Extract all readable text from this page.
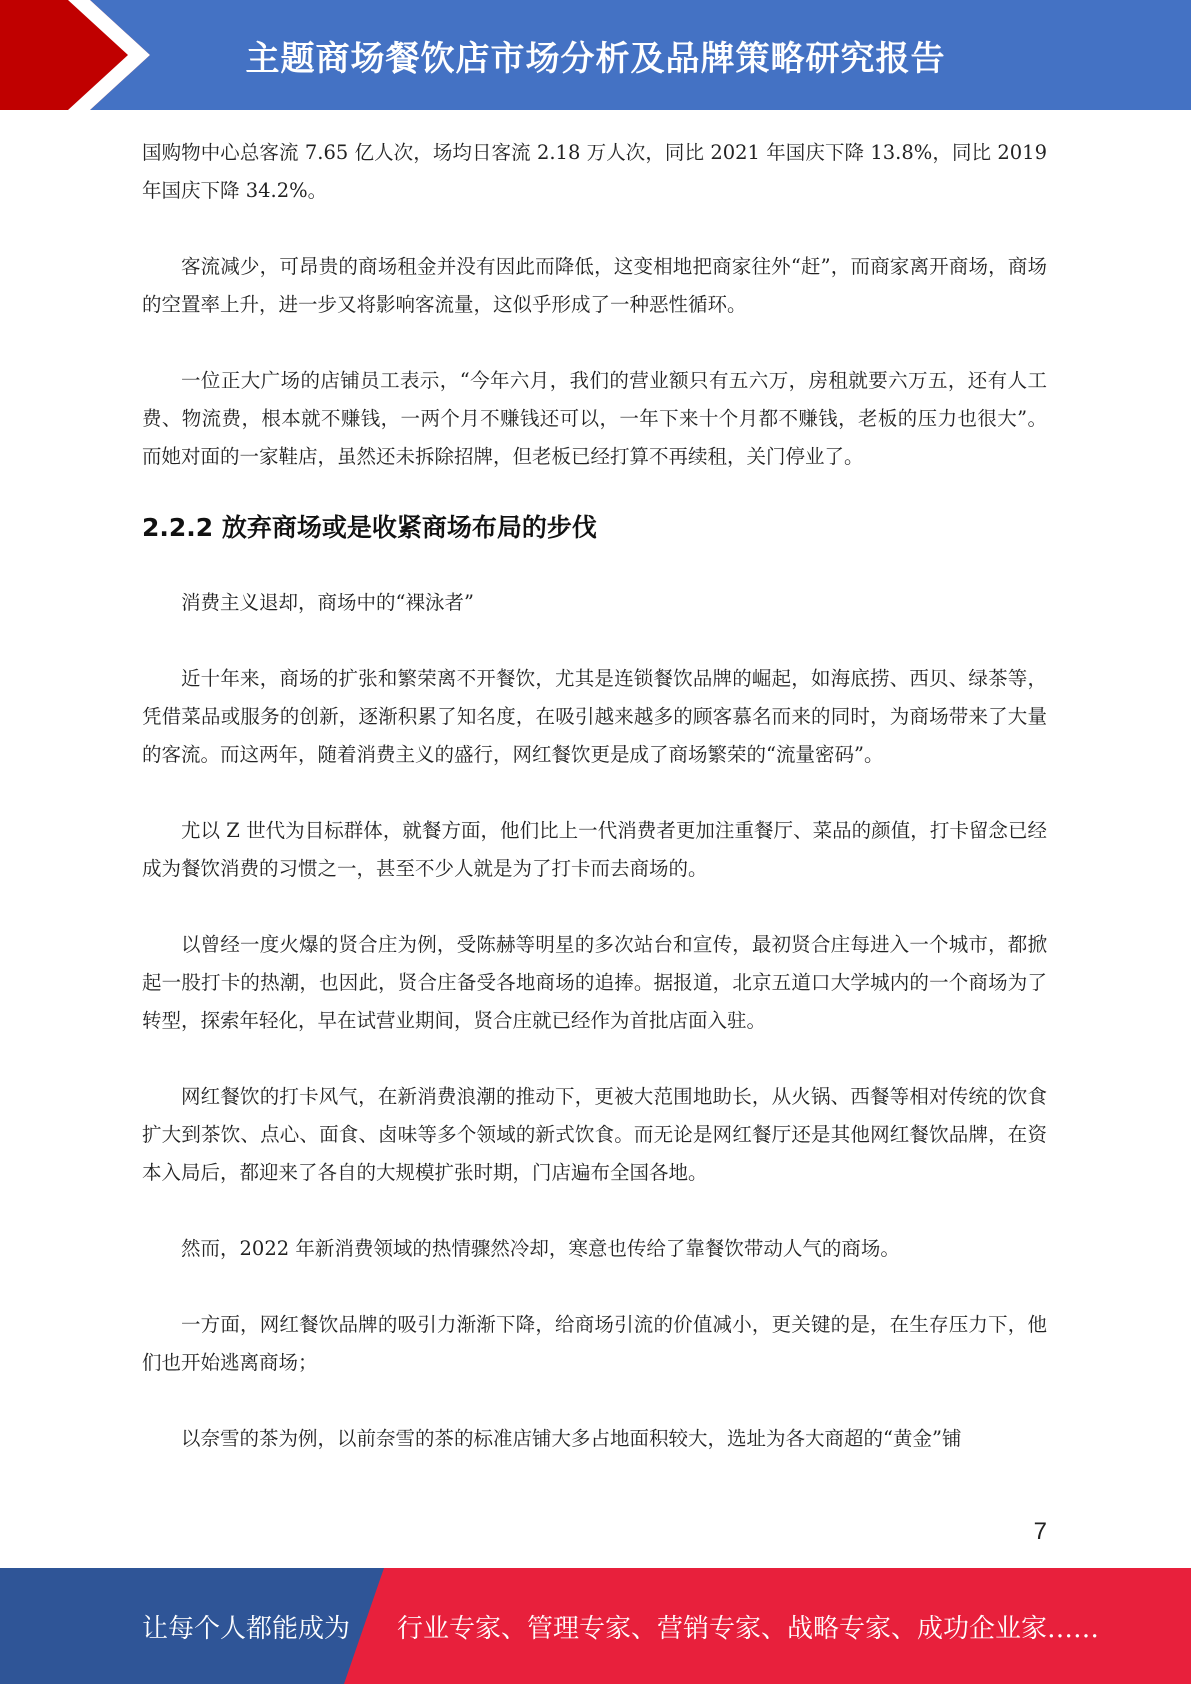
主题商场餐饮店市场分析及品牌策略研究报告

国购物中心总客流 7.65 亿人次，场均日客流 2.18 万人次，同比 2021 年国庆下降 13.8%，同比 2019 年国庆下降 34.2%。

客流减少，可昂贵的商场租金并没有因此而降低，这变相地把商家往外“赶”，而商家离开商场，商场的空置率上升，进一步又将影响客流量，这似乎形成了一种恶性循环。

一位正大广场的店铺员工表示，“今年六月，我们的营业额只有五六万，房租就要六万五，还有人工费、物流费，根本就不赚钱，一两个月不赚钱还可以，一年下来十个月都不赚钱，老板的压力也很大”。而她对面的一家鞋店，虽然还未拆除招牌，但老板已经打算不再续租，关门停业了。

2.2.2 放弃商场或是收紧商场布局的步伐

消费主义退却，商场中的“裸泳者”

近十年来，商场的扩张和繁荣离不开餐饮，尤其是连锁餐饮品牌的崛起，如海底捞、西贝、绿茶等，凭借菜品或服务的创新，逐渐积累了知名度，在吸引越来越多的顾客慕名而来的同时，为商场带来了大量的客流。而这两年，随着消费主义的盛行，网红餐饮更是成了商场繁荣的“流量密码”。

尤以 Z 世代为目标群体，就餐方面，他们比上一代消费者更加注重餐厅、菜品的颜值，打卡留念已经成为餐饮消费的习惯之一，甚至不少人就是为了打卡而去商场的。

以曾经一度火爆的贤合庄为例，受陈赫等明星的多次站台和宣传，最初贤合庄每进入一个城市，都掀起一股打卡的热潮，也因此，贤合庄备受各地商场的追捧。据报道，北京五道口大学城内的一个商场为了转型，探索年轻化，早在试营业期间，贤合庄就已经作为首批店面入驻。

网红餐饮的打卡风气，在新消费浪潮的推动下，更被大范围地助长，从火锅、西餐等相对传统的饮食扩大到茶饮、点心、面食、卤味等多个领域的新式饮食。而无论是网红餐厅还是其他网红餐饮品牌，在资本入局后，都迎来了各自的大规模扩张时期，门店遍布全国各地。

然而，2022 年新消费领域的热情骤然冷却，寒意也传给了靠餐饮带动人气的商场。

一方面，网红餐饮品牌的吸引力渐渐下降，给商场引流的价值减小，更关键的是，在生存压力下，他们也开始逃离商场；

以奈雪的茶为例，以前奈雪的茶的标准店铺大多占地面积较大，选址为各大商超的“黄金”铺

7
让每个人都能成为	行业专家、管理专家、营销专家、战略专家、成功企业家……
